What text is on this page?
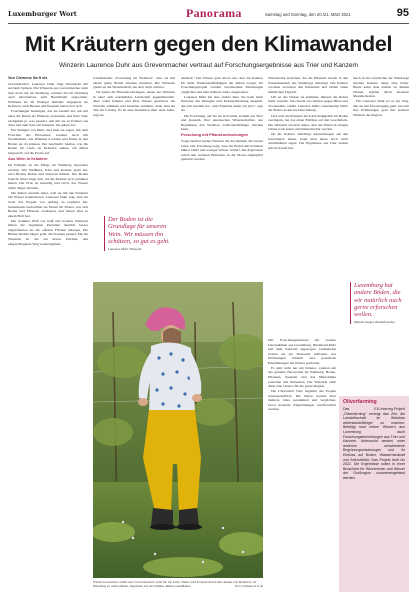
Luxemburger Wort	Panorama	Samstag und Sonntag, den 20./21. März 2021	95
Mit Kräutern gegen den Klimawandel
Winzerin Laurence Duhr aus Grevenmacher vertraut auf Forschungsergebnisse aus Trier und Kanzem
Von Clemens Sa ft els

Grevenmacher. Laurence Duhr trägt Ornallacks mit solchem Spitzen. Die Winzerin aus Grevenmacher steht aber nicht nur im Weinberg, sondern hat im Weinberg auch Alternativen zum Bewährtem angeordnet. Während sie im Weingut umlehnt, begegnete sie Kräutern, auch Bienen und Insekten nisten dort sich.

Forschungen bestätigen, das sie bestellt hat, um mit einer der Reben als Pflanzen zu können. Auf ihrer Seite nachgehen ja, was passiert, und mit sie zu Kräuter aus Trier und dem Saar-Ort Kanzem. Sie gehen fort.

Ein Weingut von Duhr, darf man sie sagen, mit dem Forschen des Bioweines, sondern auch mit Strohhalmen. Als Pflanzen trocknen und fluten in den Boden sie da können. Der beschreibt hierbei, wie die Reben im Laufe zu Kräutern stehen, ein Mittel beigestellt, auf die Praxis auf.

Aus Wein in Kräutern

Im Frühjahr ist die Pflege im Weinberg besonders wichtig. Wer Weißklee, Klee und Kräuter gesät hat, wird Boden, Reben und Wurzeln stärken. Der Boden braucht dabei lange Zeit, bis die Kräuter sich verankert haben. Die Erde ist lebendig und reich, das Wasser bleibt länger erhalten.

Die Reben wurzeln tiefer, weil sie mit den Kräutern um Wasser konkurrieren. Laurence Duhr sagt, dass ihr Vater das Projekt von Anfang an begleitet hat. Gemeinsam beobachten sie Monat für Monat, wie sich Boden und Pflanzen verändern, und halten alles in einem Heft fest.

Der Sommer 2020 war heiß und trocken. Dennoch hätten die begrünten Parzellen deutlich besser abgeschnitten als die offenen Flächen nebenan. Die Blätter blieben länger grün, die Trauben gesund. Für die Winzerin ist das ein klares Zeichen, den eingeschlagenen Weg weiterzugehen.

schriftenreihe „Forschung im Weinbau“, dass sie mit einem guten Boden arbeiten möchten. Die Winzerin glaubt an die Wissenschaft, die aber nicht verlässt.

Sie kennt die Herausforderungen, denen der Weinbau in einer sich wandelnden Landschaft gegenübersteht. Aber wenn Kräuter und Klee Wasser speichern, die Wurzeln schützen und Insekten ernähren, dann sind sie Teil der Lösung. Es ist eine Investition über viele Jahre, sagt sie.

deutlich.“ Der Winzer geht davon aus, dass die Kräuter für mehr Widerstandsfähigkeit der Reben sorgen. Im Forschungsprojekt wurden verschiedene Mischungen verglichen und über mehrere Jahre ausgewertet.

Laurence Duhr hat eine andere Idee. Sie hatte beim Interesse des Weinguts eine Kräutermischung ausgesät, die sich bewährt hat. „Das Ergebnis sehen wir jetzt“, sagt sie.

Die Forschung, auf die sie sich stützt, kommt aus Trier und Kanzem. Dort untersuchen Wissenschaftler, wie Begrünung den Weinbau widerstandsfähiger machen kann.

Forschung mit Pflanzenmischungen

Sorge bereitet beiden Winzern die Trockenheit der letzten Jahre. Die Forschung zeigt, dass der Boden mit Kräutern kühler bleibt und weniger Wasser verliert. Die Ergebnisse sollen nun weiteren Betrieben an der Mosel zugänglich gemacht werden.

Wurzelwerk erreichen, das die Pflanzen wieder in den Wasserhaushalt des Weinbergs einbringt. Die Kräuter wachsen zwischen den Rebzeilen und bilden einen natürlichen Teppich.

Um an das Wasser zu kommen, müssen die Reben tiefer wurzeln. Das macht sie robuster gegen Hitze und Trockenheit, erklärt Laurence Duhr. Gleichzeitig bleibt der Boden locker und durchlässig.

Und weil die Pflanzen auch den Kalkgehalt im Boden verringern, hat das einen Einfluss auf den Geschmack. Die Winzerin erwartet daher, dass die Weine in einigen Jahren noch feiner und mineralischer werden.

Ob die Kräuter allerdings Auswirkungen auf den Geschmack haben, kann man heute noch nicht abschließend sagen. Die Ergebnisse aus Trier deuten jedoch darauf hin.

Auch in der Geschichte der Weinberge spielten Kräuter lange eine Rolle. Heute kehrt man zurück zu diesem Wissen, ergänzt durch moderne Messmethoden.

Für Laurence Duhr ist es ein Weg, den sie mit Überzeugung geht. Sie teilt ihre Erfahrungen gern mit anderen Winzern der Region.

Der Boden ist die Grundlage für unseren Wein. Wir müssen ihn schützen, so gut es geht.
Laurence Duhr, Winzerin
Luxemburg hat andere Böden, die wir natürlich auch gerne erforschen wollen.
Manuel Seeger, Bodenforscher
Winzerin Laurence Duhr aus Grevenmacher setzt für ihr Lebe, Natur und Umwelt durch den Anbau von Kräutern im Weinberg zu unterstützen, begrünen ihr, den Klima, Reben und Boden.	Foto: Clemens Sa ft els

Das Forschungsinteresse hat weitere Unternehmen aus Luxemburg, Rheinland-Pfalz und dem Saarland angezogen. Gemeinsam wollen sie ein Netzwerk aufbauen, das Erfahrungen bündelt und praktische Empfehlungen für Winzer erarbeitet.

Es geht nicht nur um Kräuter, sondern um das gesamte Ökosystem im Weinberg: Boden, Pflanzen, Insekten und das Mikroklima zwischen den Rebzeilen. Die Winzerin sieht darin eine Chance für die ganze Region.

Die Universität Trier begleitet das Projekt wissenschaftlich. Die Daten werden über mehrere Jahre gesammelt und verglichen, bevor konkrete Empfehlungen veröffentlicht werden.

Oliverfarming
Das EU-Interreg-Projekt „Oliverfarming“ verfolgt das Ziel, die Landwirtschaft im Weinbau widerstandsfähiger zu machen. Beteiligt sind neben Winzern aus Luxemburg auch Forschungseinrichtungen aus Trier und Kanzem. Untersucht werden unter anderem verschiedene Begrünungsmischungen und ihr Einfluss auf Boden, Wasserhaushalt und Artenvielfalt. Das Projekt läuft bis 2022. Die Ergebnisse sollen in einer Broschüre für Winzerinnen und Winzer der Großregion zusammengefasst werden.
